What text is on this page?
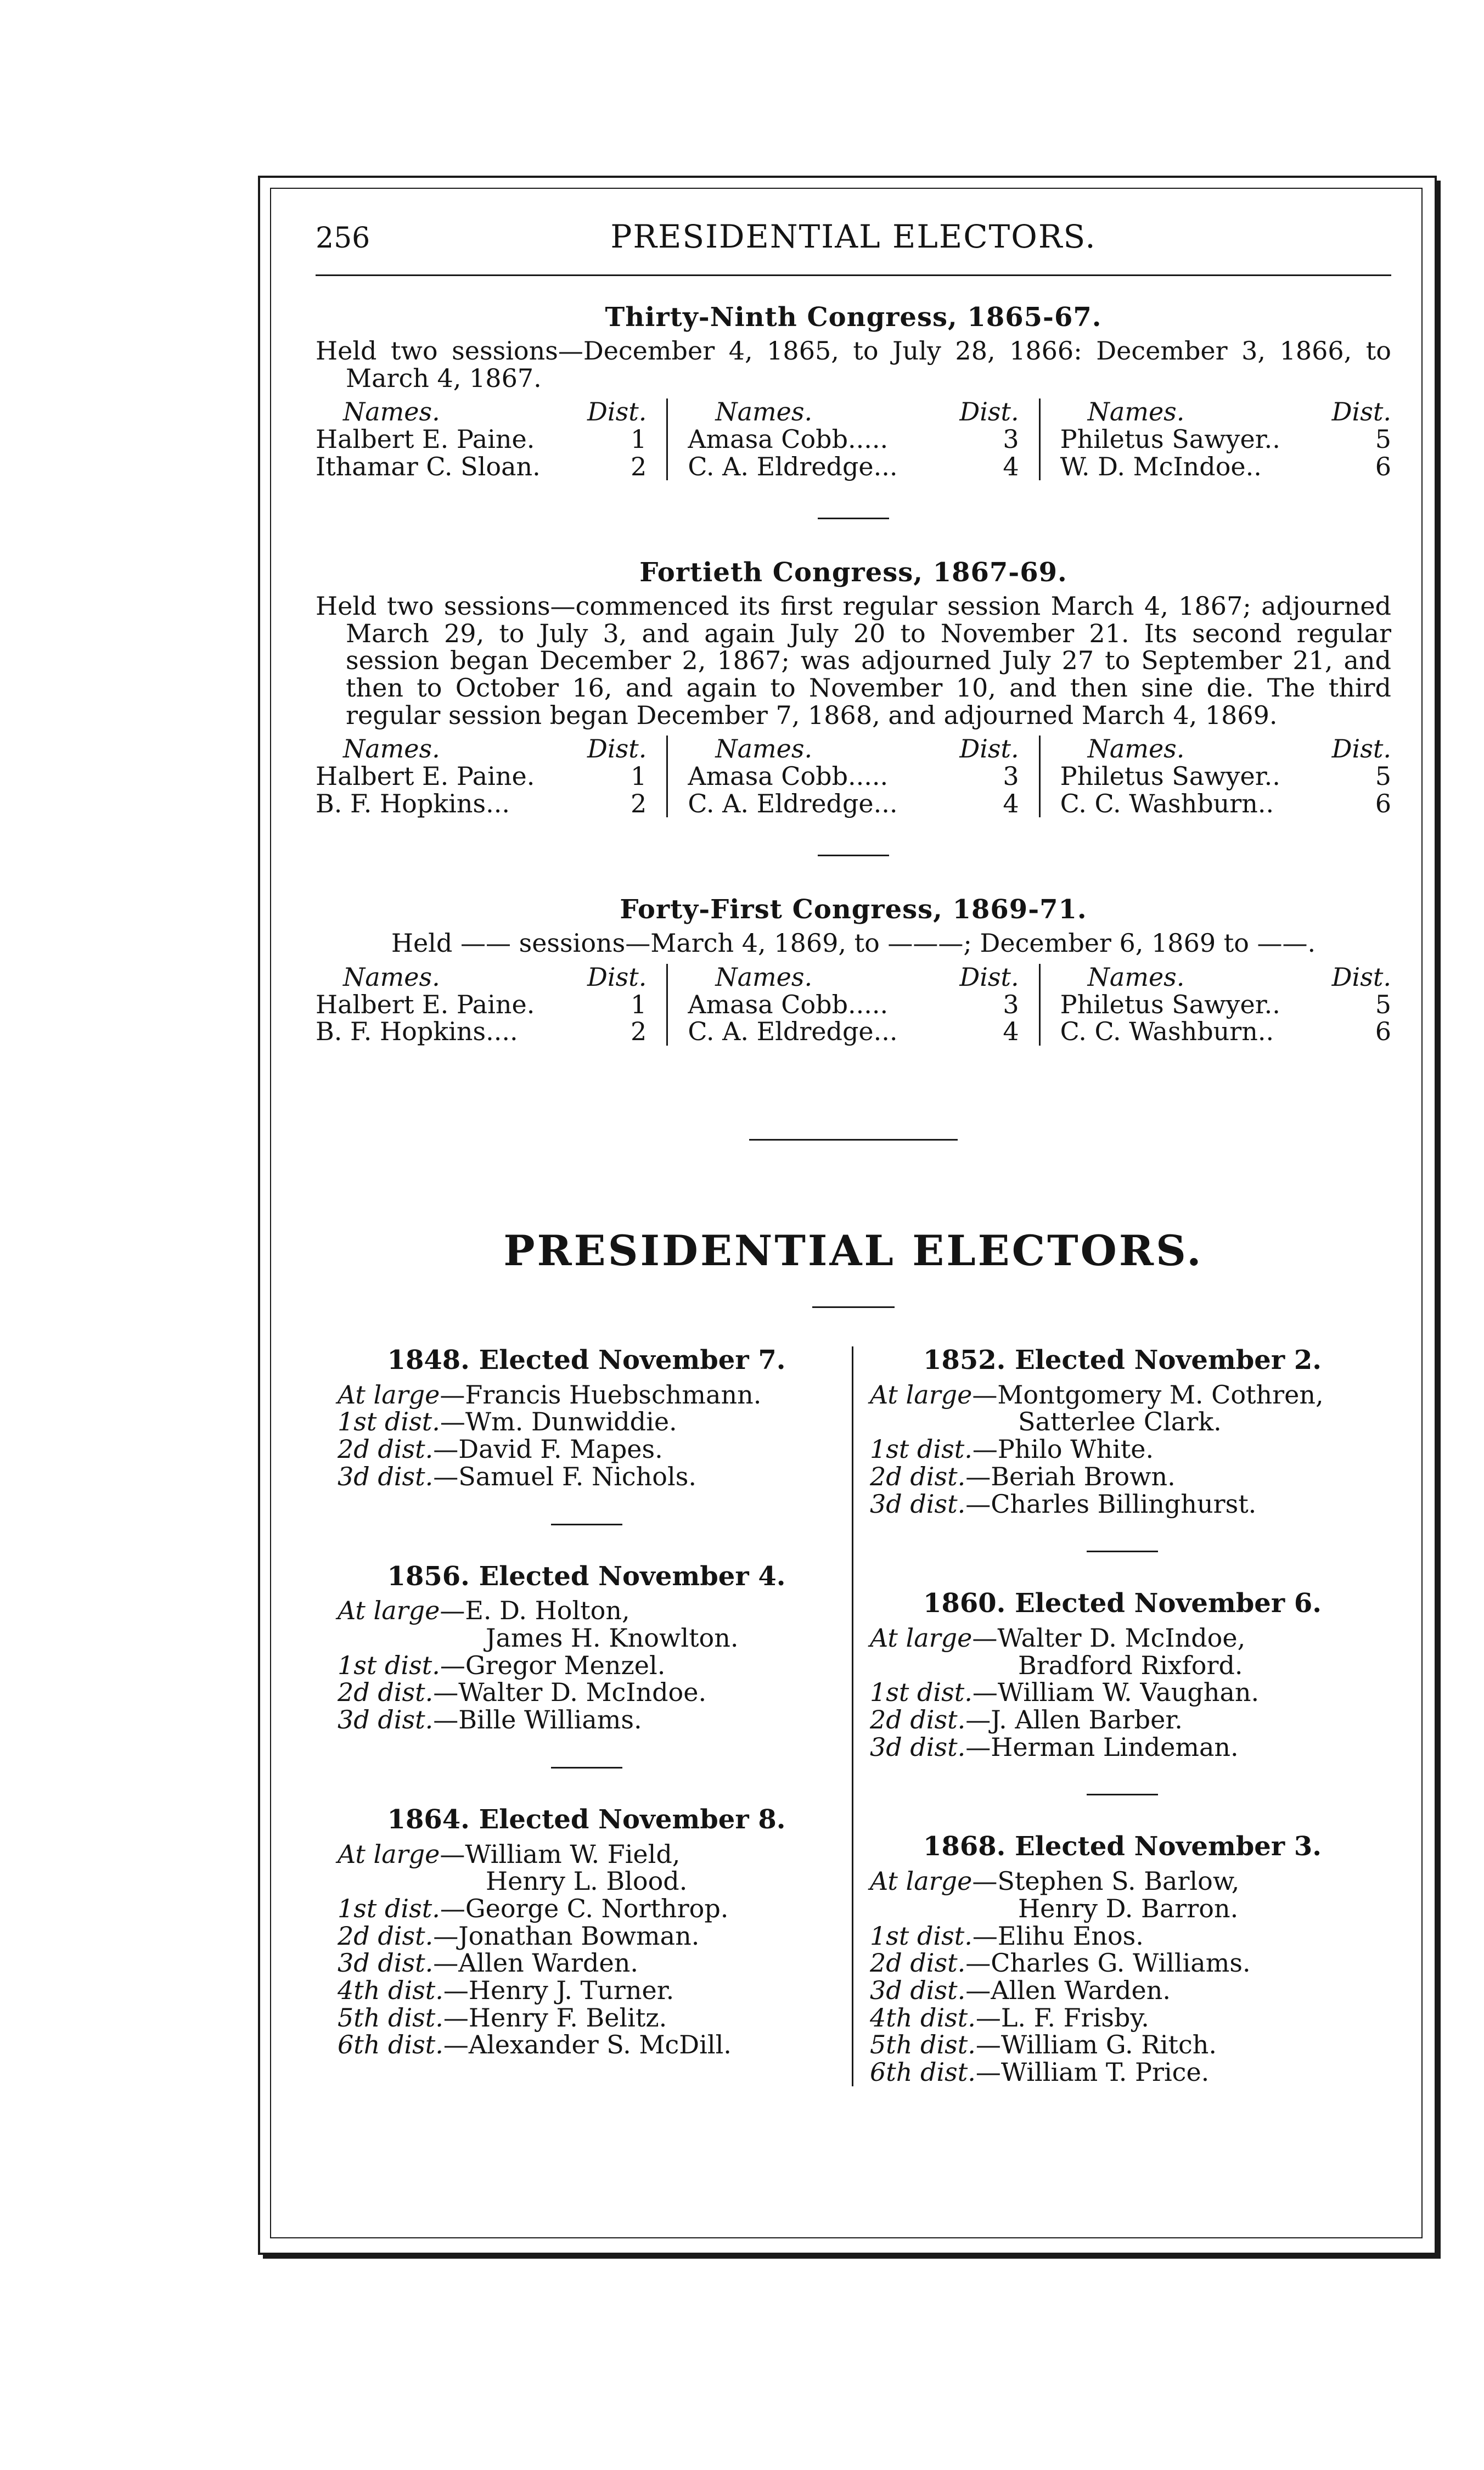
256	PRESIDENTIAL ELECTORS.
Thirty-Ninth Congress, 1865-67.

Held two sessions—December 4, 1865, to July 28, 1866: December 3, 1866, to March 4, 1867.

Names.	Dist.
Halbert E. Paine.	1
Ithamar C. Sloan.	2
Names.	Dist.
Amasa Cobb.....	3
C. A. Eldredge...	4
Names.	Dist.
Philetus Sawyer..	5
W. D. McIndoe..	6
Fortieth Congress, 1867-69.

Held two sessions—commenced its first regular session March 4, 1867; adjourned March 29, to July 3, and again July 20 to November 21. Its second regular session began December 2, 1867; was adjourned July 27 to September 21, and then to October 16, and again to November 10, and then sine die. The third regular session began December 7, 1868, and adjourned March 4, 1869.

Names.	Dist.
Halbert E. Paine.	1
B. F. Hopkins...	2
Names.	Dist.
Amasa Cobb.....	3
C. A. Eldredge...	4
Names.	Dist.
Philetus Sawyer..	5
C. C. Washburn..	6
Forty-First Congress, 1869-71.

Held —— sessions—March 4, 1869, to ———; December 6, 1869 to ——.

Names.	Dist.
Halbert E. Paine.	1
B. F. Hopkins....	2
Names.	Dist.
Amasa Cobb.....	3
C. A. Eldredge...	4
Names.	Dist.
Philetus Sawyer..	5
C. C. Washburn..	6
PRESIDENTIAL ELECTORS.
1848. Elected November 7.
At large—Francis Huebschmann.
1st dist.—Wm. Dunwiddie.
2d dist.—David F. Mapes.
3d dist.—Samuel F. Nichols.
1856. Elected November 4.
At large—E. D. Holton,
James H. Knowlton.
1st dist.—Gregor Menzel.
2d dist.—Walter D. McIndoe.
3d dist.—Bille Williams.
1864. Elected November 8.
At large—William W. Field,
Henry L. Blood.
1st dist.—George C. Northrop.
2d dist.—Jonathan Bowman.
3d dist.—Allen Warden.
4th dist.—Henry J. Turner.
5th dist.—Henry F. Belitz.
6th dist.—Alexander S. McDill.
1852. Elected November 2.
At large—Montgomery M. Cothren,
Satterlee Clark.
1st dist.—Philo White.
2d dist.—Beriah Brown.
3d dist.—Charles Billinghurst.
1860. Elected November 6.
At large—Walter D. McIndoe,
Bradford Rixford.
1st dist.—William W. Vaughan.
2d dist.—J. Allen Barber.
3d dist.—Herman Lindeman.
1868. Elected November 3.
At large—Stephen S. Barlow,
Henry D. Barron.
1st dist.—Elihu Enos.
2d dist.—Charles G. Williams.
3d dist.—Allen Warden.
4th dist.—L. F. Frisby.
5th dist.—William G. Ritch.
6th dist.—William T. Price.
